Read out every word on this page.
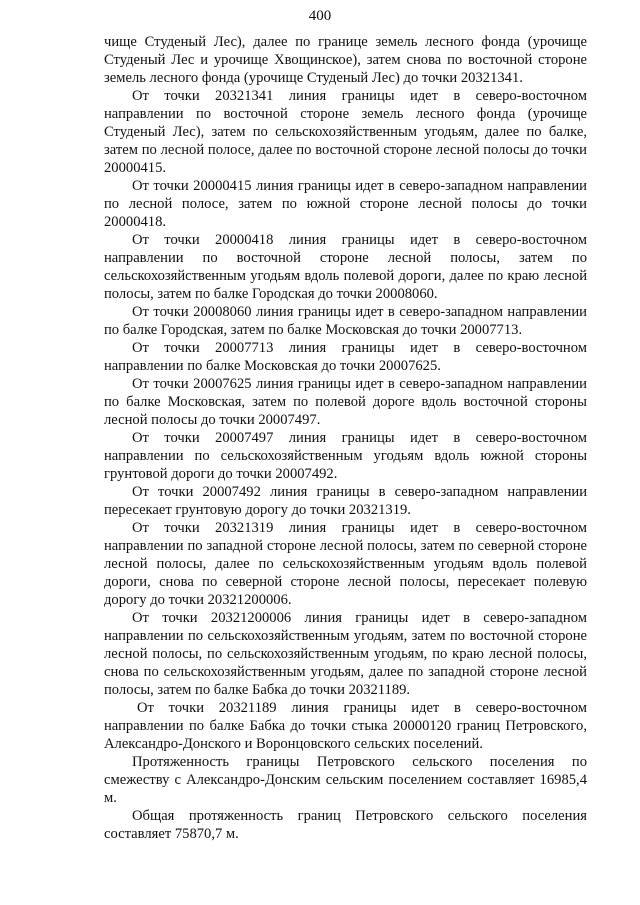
400

чище Студеный Лес), далее по границе земель лесного фонда (урочище Студеный Лес и урочище Хвощинское), затем снова по восточной стороне земель лесного фонда (урочище Студеный Лес) до точки 20321341.

От точки 20321341 линия границы идет в северо-восточном направлении по восточной стороне земель лесного фонда (урочище Студеный Лес), затем по сельскохозяйственным угодьям, далее по балке, затем по лесной полосе, далее по восточной стороне лесной полосы до точки 20000415.

От точки 20000415 линия границы идет в северо-западном направлении по лесной полосе, затем по южной стороне лесной полосы до точки 20000418.

От точки 20000418 линия границы идет в северо-восточном направлении по восточной стороне лесной полосы, затем по сельскохозяйственным угодьям вдоль полевой дороги, далее по краю лесной полосы, затем по балке Городская до точки 20008060.

От точки 20008060 линия границы идет в северо-западном направлении по балке Городская, затем по балке Московская до точки 20007713.

От точки 20007713 линия границы идет в северо-восточном направлении по балке Московская до точки 20007625.

От точки 20007625 линия границы идет в северо-западном направлении по балке Московская, затем по полевой дороге вдоль восточной стороны лесной полосы до точки 20007497.

От точки 20007497 линия границы идет в северо-восточном направлении по сельскохозяйственным угодьям вдоль южной стороны грунтовой дороги до точки 20007492.

От точки 20007492 линия границы в северо-западном направлении пересекает грунтовую дорогу до точки 20321319.

От точки 20321319 линия границы идет в северо-восточном направлении по западной стороне лесной полосы, затем по северной стороне лесной полосы, далее по сельскохозяйственным угодьям вдоль полевой дороги, снова по северной стороне лесной полосы, пересекает полевую дорогу до точки 20321200006.

От точки 20321200006 линия границы идет в северо-западном направлении по сельскохозяйственным угодьям, затем по восточной стороне лесной полосы, по сельскохозяйственным угодьям, по краю лесной полосы, снова по сельскохозяйственным угодьям, далее по западной стороне лесной полосы, затем по балке Бабка до точки 20321189.

От точки 20321189 линия границы идет в северо-восточном направлении по балке Бабка до точки стыка 20000120 границ Петровского, Александро-Донского и Воронцовского сельских поселений.

Протяженность границы Петровского сельского поселения по смежеству с Александро-Донским сельским поселением составляет 16985,4 м.

Общая протяженность границ Петровского сельского поселения составляет 75870,7 м.
